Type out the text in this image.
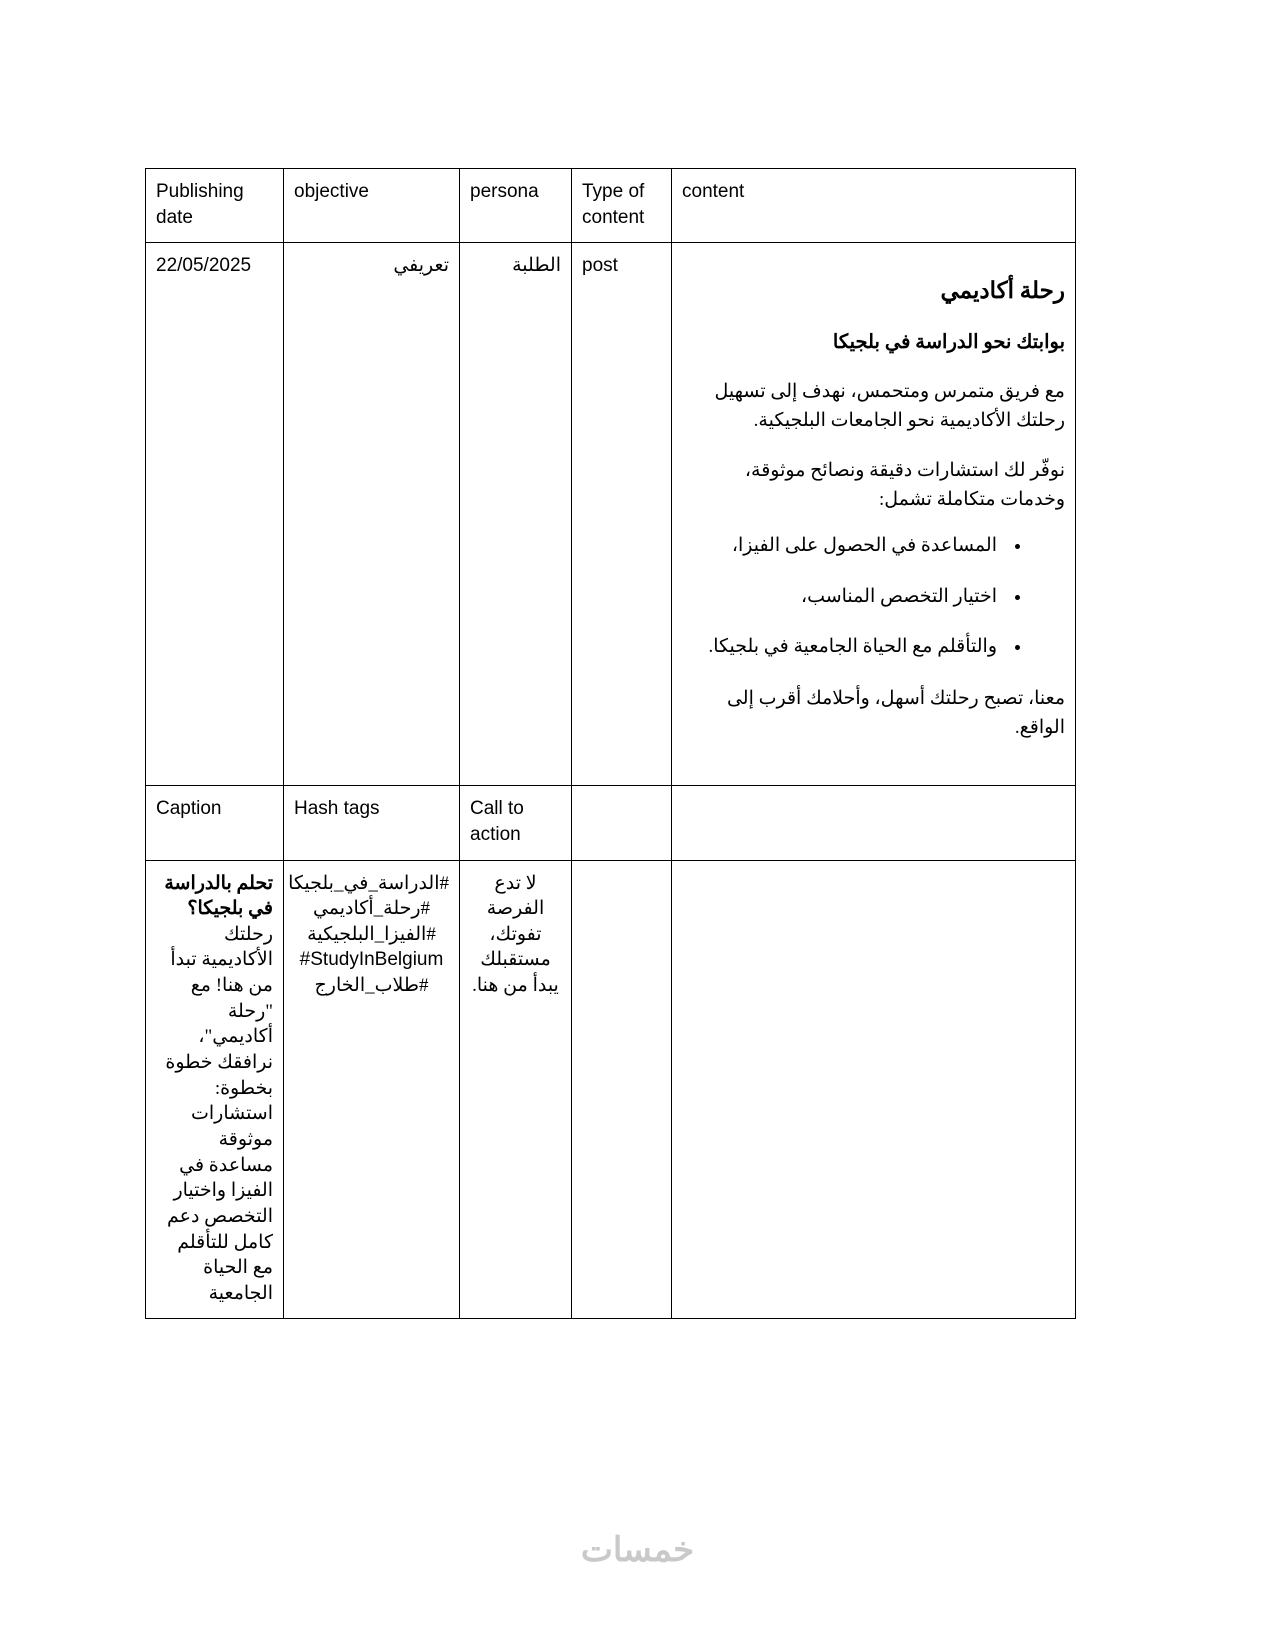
Publishing date	objective	persona	Type of content	content
22/05/2025	تعريفي	الطلبة	post	
رحلة أكاديمي
بوابتك نحو الدراسة في بلجيكا
مع فريق متمرس ومتحمس، نهدف إلى تسهيل رحلتك الأكاديمية نحو الجامعات البلجيكية.
نوفّر لك استشارات دقيقة ونصائح موثوقة، وخدمات متكاملة تشمل:
• المساعدة في الحصول على الفيزا،
• اختيار التخصص المناسب،
• والتأقلم مع الحياة الجامعية في بلجيكا.
معنا، تصبح رحلتك أسهل، وأحلامك أقرب إلى الواقع.

Caption	Hash tags	Call to action		
تحلم بالدراسة في بلجيكا؟ رحلتك الأكاديمية تبدأ من هنا! مع "رحلة أكاديمي"، نرافقك خطوة بخطوة: استشارات موثوقة مساعدة في الفيزا واختيار التخصص دعم كامل للتأقلم مع الحياة الجامعية	#الدراسة_في_بلجيكا
#رحلة_أكاديمي
#الفيزا_البلجيكية
#StudyInBelgium
#طلاب_الخارج	لا تدع الفرصة تفوتك، مستقبلك يبدأ من هنا.		
خمسات
